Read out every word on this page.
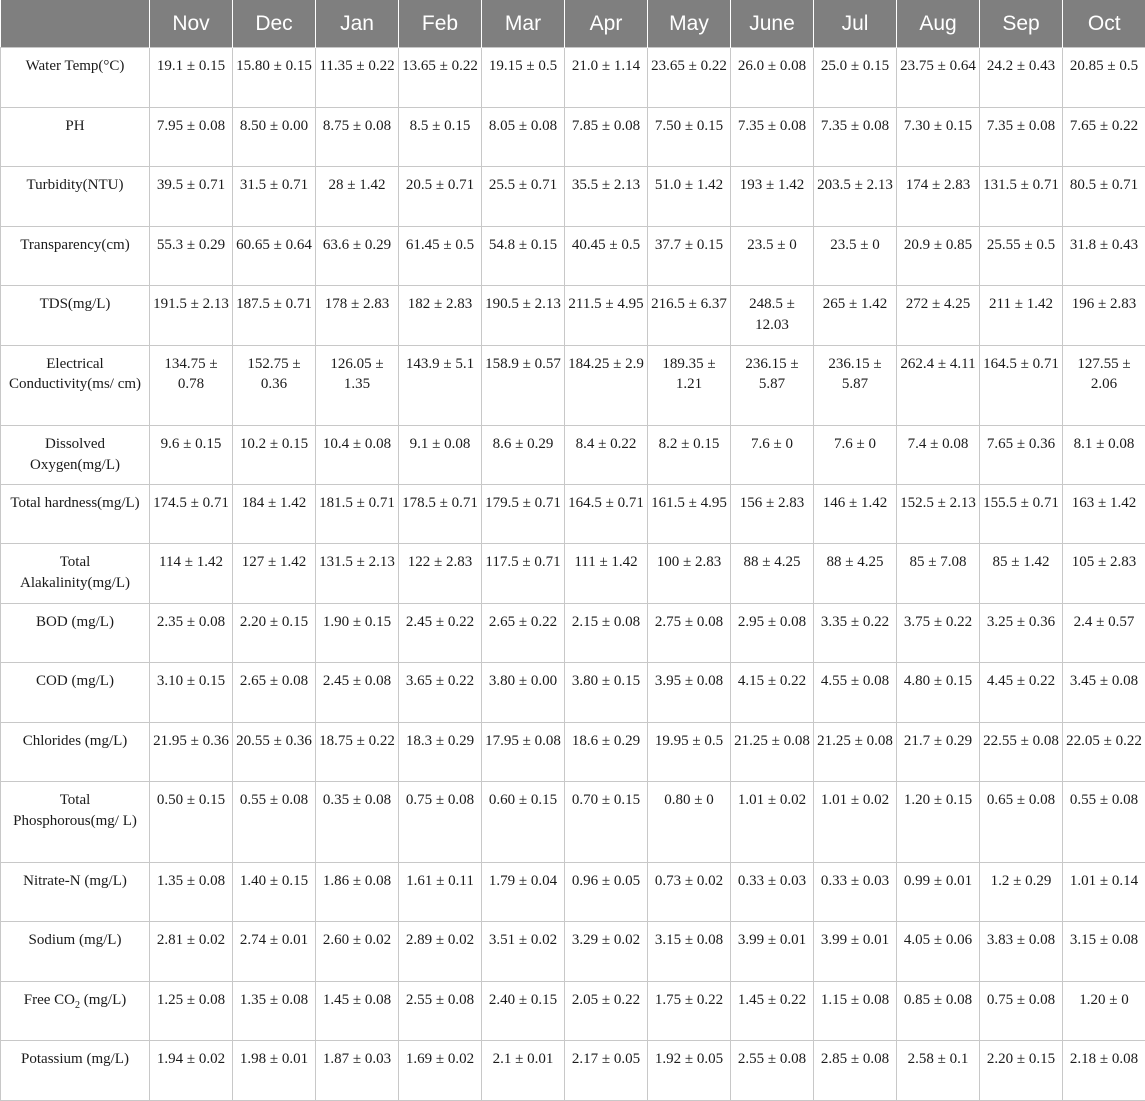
	Nov	Dec	Jan	Feb	Mar	Apr	May	June	Jul	Aug	Sep	Oct
Water Temp(°C)	19.1 ± 0.15	15.80 ± 0.15	11.35 ± 0.22	13.65 ± 0.22	19.15 ± 0.5	21.0 ± 1.14	23.65 ± 0.22	26.0 ± 0.08	25.0 ± 0.15	23.75 ± 0.64	24.2 ± 0.43	20.85 ± 0.5
PH	7.95 ± 0.08	8.50 ± 0.00	8.75 ± 0.08	8.5 ± 0.15	8.05 ± 0.08	7.85 ± 0.08	7.50 ± 0.15	7.35 ± 0.08	7.35 ± 0.08	7.30 ± 0.15	7.35 ± 0.08	7.65 ± 0.22
Turbidity(NTU)	39.5 ± 0.71	31.5 ± 0.71	28 ± 1.42	20.5 ± 0.71	25.5 ± 0.71	35.5 ± 2.13	51.0 ± 1.42	193 ± 1.42	203.5 ± 2.13	174 ± 2.83	131.5 ± 0.71	80.5 ± 0.71
Transparency(cm)	55.3 ± 0.29	60.65 ± 0.64	63.6 ± 0.29	61.45 ± 0.5	54.8 ± 0.15	40.45 ± 0.5	37.7 ± 0.15	23.5 ± 0	23.5 ± 0	20.9 ± 0.85	25.55 ± 0.5	31.8 ± 0.43
TDS(mg/L)	191.5 ± 2.13	187.5 ± 0.71	178 ± 2.83	182 ± 2.83	190.5 ± 2.13	211.5 ± 4.95	216.5 ± 6.37	248.5 ± 12.03	265 ± 1.42	272 ± 4.25	211 ± 1.42	196 ± 2.83
Electrical Conductivity(ms/ cm)	134.75 ± 0.78	152.75 ± 0.36	126.05 ± 1.35	143.9 ± 5.1	158.9 ± 0.57	184.25 ± 2.9	189.35 ± 1.21	236.15 ± 5.87	236.15 ± 5.87	262.4 ± 4.11	164.5 ± 0.71	127.55 ± 2.06
Dissolved Oxygen(mg/L)	9.6 ± 0.15	10.2 ± 0.15	10.4 ± 0.08	9.1 ± 0.08	8.6 ± 0.29	8.4 ± 0.22	8.2 ± 0.15	7.6 ± 0	7.6 ± 0	7.4 ± 0.08	7.65 ± 0.36	8.1 ± 0.08
Total hardness(mg/L)	174.5 ± 0.71	184 ± 1.42	181.5 ± 0.71	178.5 ± 0.71	179.5 ± 0.71	164.5 ± 0.71	161.5 ± 4.95	156 ± 2.83	146 ± 1.42	152.5 ± 2.13	155.5 ± 0.71	163 ± 1.42
Total Alakalinity(mg/L)	114 ± 1.42	127 ± 1.42	131.5 ± 2.13	122 ± 2.83	117.5 ± 0.71	111 ± 1.42	100 ± 2.83	88 ± 4.25	88 ± 4.25	85 ± 7.08	85 ± 1.42	105 ± 2.83
BOD (mg/L)	2.35 ± 0.08	2.20 ± 0.15	1.90 ± 0.15	2.45 ± 0.22	2.65 ± 0.22	2.15 ± 0.08	2.75 ± 0.08	2.95 ± 0.08	3.35 ± 0.22	3.75 ± 0.22	3.25 ± 0.36	2.4 ± 0.57
COD (mg/L)	3.10 ± 0.15	2.65 ± 0.08	2.45 ± 0.08	3.65 ± 0.22	3.80 ± 0.00	3.80 ± 0.15	3.95 ± 0.08	4.15 ± 0.22	4.55 ± 0.08	4.80 ± 0.15	4.45 ± 0.22	3.45 ± 0.08
Chlorides (mg/L)	21.95 ± 0.36	20.55 ± 0.36	18.75 ± 0.22	18.3 ± 0.29	17.95 ± 0.08	18.6 ± 0.29	19.95 ± 0.5	21.25 ± 0.08	21.25 ± 0.08	21.7 ± 0.29	22.55 ± 0.08	22.05 ± 0.22
Total Phosphorous(mg/ L)	0.50 ± 0.15	0.55 ± 0.08	0.35 ± 0.08	0.75 ± 0.08	0.60 ± 0.15	0.70 ± 0.15	0.80 ± 0	1.01 ± 0.02	1.01 ± 0.02	1.20 ± 0.15	0.65 ± 0.08	0.55 ± 0.08
Nitrate-N (mg/L)	1.35 ± 0.08	1.40 ± 0.15	1.86 ± 0.08	1.61 ± 0.11	1.79 ± 0.04	0.96 ± 0.05	0.73 ± 0.02	0.33 ± 0.03	0.33 ± 0.03	0.99 ± 0.01	1.2 ± 0.29	1.01 ± 0.14
Sodium (mg/L)	2.81 ± 0.02	2.74 ± 0.01	2.60 ± 0.02	2.89 ± 0.02	3.51 ± 0.02	3.29 ± 0.02	3.15 ± 0.08	3.99 ± 0.01	3.99 ± 0.01	4.05 ± 0.06	3.83 ± 0.08	3.15 ± 0.08
Free $CO_2$ (mg/L)	1.25 ± 0.08	1.35 ± 0.08	1.45 ± 0.08	2.55 ± 0.08	2.40 ± 0.15	2.05 ± 0.22	1.75 ± 0.22	1.45 ± 0.22	1.15 ± 0.08	0.85 ± 0.08	0.75 ± 0.08	1.20 ± 0
Potassium (mg/L)	1.94 ± 0.02	1.98 ± 0.01	1.87 ± 0.03	1.69 ± 0.02	2.1 ± 0.01	2.17 ± 0.05	1.92 ± 0.05	2.55 ± 0.08	2.85 ± 0.08	2.58 ± 0.1	2.20 ± 0.15	2.18 ± 0.08
